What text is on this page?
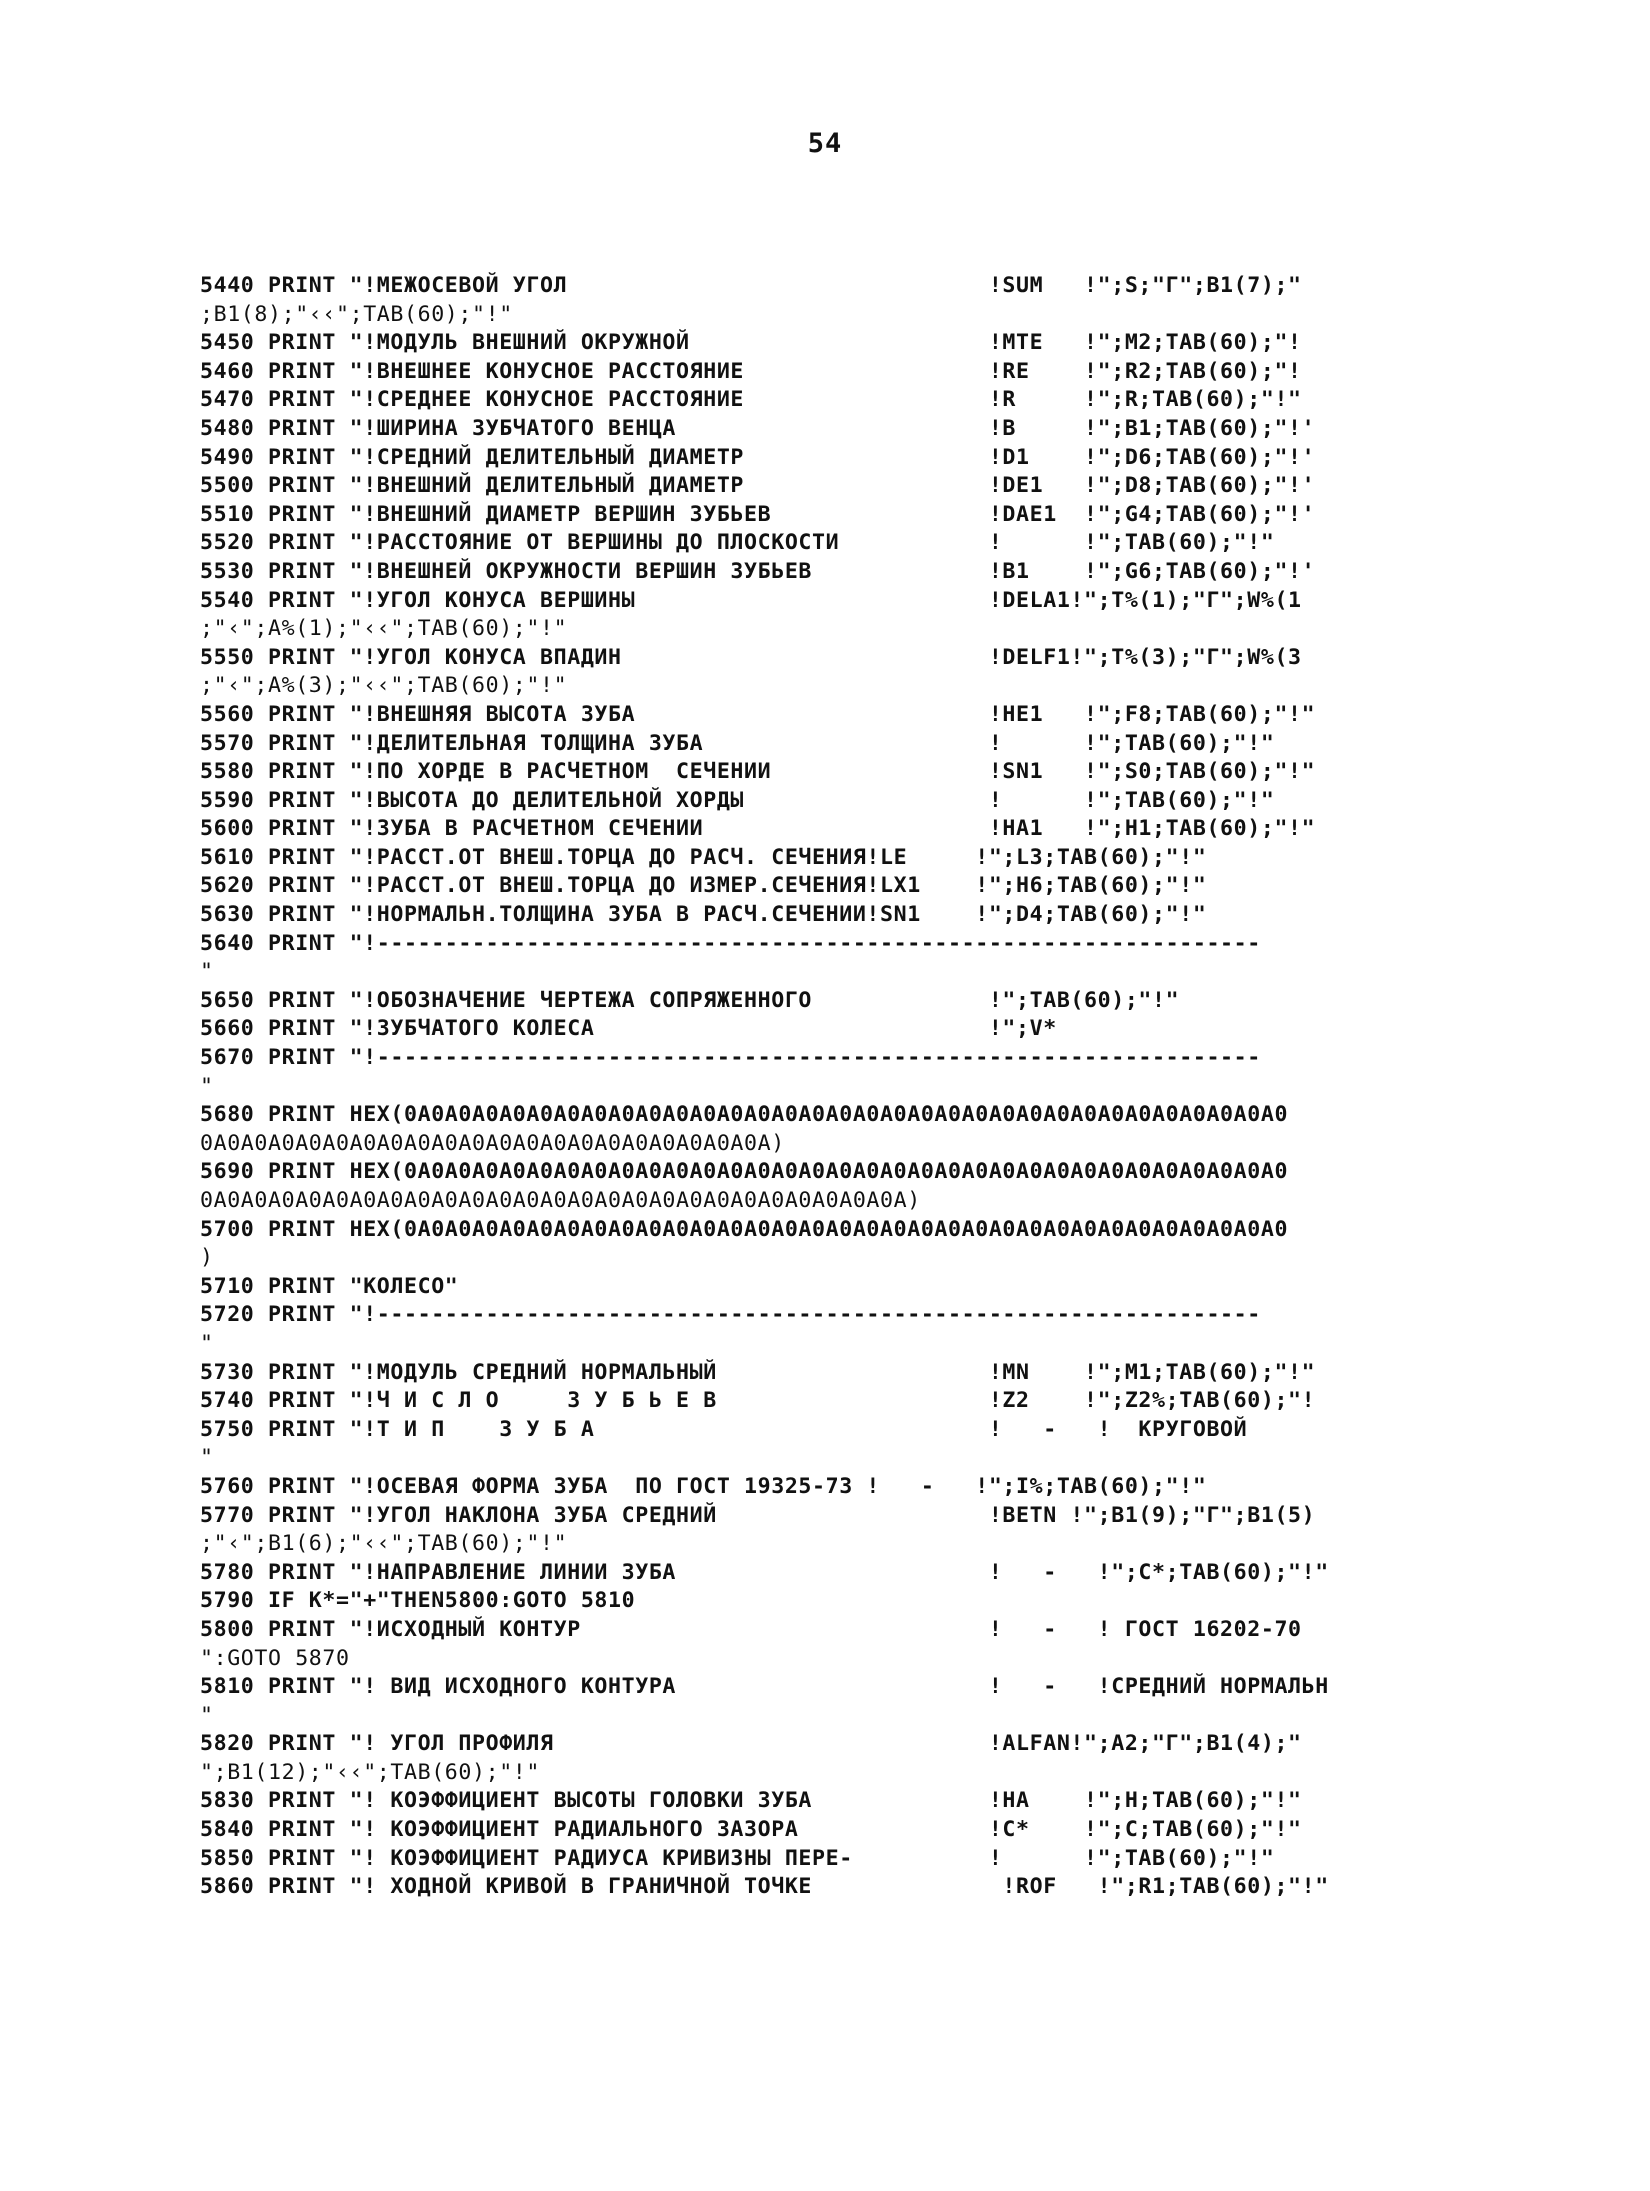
54
5440 PRINT "!МЕЖОСЕВОЙ УГОЛ                               !SUM   !";S;"Г";B1(7);"
;B1(8);"‹‹";TAB(60);"!"
5450 PRINT "!МОДУЛЬ ВНЕШНИЙ ОКРУЖНОЙ                      !MTE   !";M2;TAB(60);"!
5460 PRINT "!ВНЕШНЕЕ КОНУСНОЕ РАССТОЯНИЕ                  !RE    !";R2;TAB(60);"!
5470 PRINT "!СРЕДНЕЕ КОНУСНОЕ РАССТОЯНИЕ                  !R     !";R;TAB(60);"!"
5480 PRINT "!ШИРИНА ЗУБЧАТОГО ВЕНЦА                       !B     !";B1;TAB(60);"!'
5490 PRINT "!СРЕДНИЙ ДЕЛИТЕЛЬНЫЙ ДИАМЕТР                  !D1    !";D6;TAB(60);"!'
5500 PRINT "!ВНЕШНИЙ ДЕЛИТЕЛЬНЫЙ ДИАМЕТР                  !DE1   !";D8;TAB(60);"!'
5510 PRINT "!ВНЕШНИЙ ДИАМЕТР ВЕРШИН ЗУБЬЕВ                !DAE1  !";G4;TAB(60);"!'
5520 PRINT "!РАССТОЯНИЕ ОТ ВЕРШИНЫ ДО ПЛОСКОСТИ           !      !";TAB(60);"!"
5530 PRINT "!ВНЕШНЕЙ ОКРУЖНОСТИ ВЕРШИН ЗУБЬЕВ             !B1    !";G6;TAB(60);"!'
5540 PRINT "!УГОЛ КОНУСА ВЕРШИНЫ                          !DELA1!";T%(1);"Г";W%(1
;"‹";A%(1);"‹‹";TAB(60);"!"
5550 PRINT "!УГОЛ КОНУСА ВПАДИН                           !DELF1!";T%(3);"Г";W%(3
;"‹";A%(3);"‹‹";TAB(60);"!"
5560 PRINT "!ВНЕШНЯЯ ВЫСОТА ЗУБА                          !HE1   !";F8;TAB(60);"!"
5570 PRINT "!ДЕЛИТЕЛЬНАЯ ТОЛЩИНА ЗУБА                     !      !";TAB(60);"!"
5580 PRINT "!ПО ХОРДЕ В РАСЧЕТНОМ  СЕЧЕНИИ                !SN1   !";S0;TAB(60);"!"
5590 PRINT "!ВЫСОТА ДО ДЕЛИТЕЛЬНОЙ ХОРДЫ                  !      !";TAB(60);"!"
5600 PRINT "!ЗУБА В РАСЧЕТНОМ СЕЧЕНИИ                     !HA1   !";H1;TAB(60);"!"
5610 PRINT "!РАССТ.ОТ ВНЕШ.ТОРЦА ДО РАСЧ. СЕЧЕНИЯ!LE     !";L3;TAB(60);"!"
5620 PRINT "!РАССТ.ОТ ВНЕШ.ТОРЦА ДО ИЗМЕР.СЕЧЕНИЯ!LX1    !";H6;TAB(60);"!"
5630 PRINT "!НОРМАЛЬН.ТОЛЩИНА ЗУБА В РАСЧ.СЕЧЕНИИ!SN1    !";D4;TAB(60);"!"
5640 PRINT "!-----------------------------------------------------------------
"
5650 PRINT "!ОБОЗНАЧЕНИЕ ЧЕРТЕЖА СОПРЯЖЕННОГО             !";TAB(60);"!"
5660 PRINT "!ЗУБЧАТОГО КОЛЕСА                             !";V*
5670 PRINT "!-----------------------------------------------------------------
"
5680 PRINT HEX(0A0A0A0A0A0A0A0A0A0A0A0A0A0A0A0A0A0A0A0A0A0A0A0A0A0A0A0A0A0A0A0A0
0A0A0A0A0A0A0A0A0A0A0A0A0A0A0A0A0A0A0A0A0A)
5690 PRINT HEX(0A0A0A0A0A0A0A0A0A0A0A0A0A0A0A0A0A0A0A0A0A0A0A0A0A0A0A0A0A0A0A0A0
0A0A0A0A0A0A0A0A0A0A0A0A0A0A0A0A0A0A0A0A0A0A0A0A0A0A)
5700 PRINT HEX(0A0A0A0A0A0A0A0A0A0A0A0A0A0A0A0A0A0A0A0A0A0A0A0A0A0A0A0A0A0A0A0A0
)
5710 PRINT "КОЛЕСО"
5720 PRINT "!-----------------------------------------------------------------
"
5730 PRINT "!МОДУЛЬ СРЕДНИЙ НОРМАЛЬНЫЙ                    !MN    !";M1;TAB(60);"!"
5740 PRINT "!Ч И С Л О     З У Б Ь Е В                    !Z2    !";Z2%;TAB(60);"!
5750 PRINT "!Т И П    З У Б А                             !   -   !  КРУГОВОЙ
"
5760 PRINT "!ОСЕВАЯ ФОРМА ЗУБА  ПО ГОСТ 19325-73 !   -   !";I%;TAB(60);"!"
5770 PRINT "!УГОЛ НАКЛОНА ЗУБА СРЕДНИЙ                    !BETN !";B1(9);"Г";B1(5)
;"‹";B1(6);"‹‹";TAB(60);"!"
5780 PRINT "!НАПРАВЛЕНИЕ ЛИНИИ ЗУБА                       !   -   !";C*;TAB(60);"!"
5790 IF K*="+"THEN5800:GOTO 5810
5800 PRINT "!ИСХОДНЫЙ КОНТУР                              !   -   ! ГОСТ 16202-70
":GOTO 5870
5810 PRINT "! ВИД ИСХОДНОГО КОНТУРА                       !   -   !СРЕДНИЙ НОРМАЛЬН
"
5820 PRINT "! УГОЛ ПРОФИЛЯ                                !ALFAN!";A2;"Г";B1(4);"
";B1(12);"‹‹";TAB(60);"!"
5830 PRINT "! КОЭФФИЦИЕНТ ВЫСОТЫ ГОЛОВКИ ЗУБА             !HA    !";H;TAB(60);"!"
5840 PRINT "! КОЭФФИЦИЕНТ РАДИАЛЬНОГО ЗАЗОРА              !C*    !";C;TAB(60);"!"
5850 PRINT "! КОЭФФИЦИЕНТ РАДИУСА КРИВИЗНЫ ПЕРЕ-          !      !";TAB(60);"!"
5860 PRINT "! ХОДНОЙ КРИВОЙ В ГРАНИЧНОЙ ТОЧКЕ              !ROF   !";R1;TAB(60);"!"
